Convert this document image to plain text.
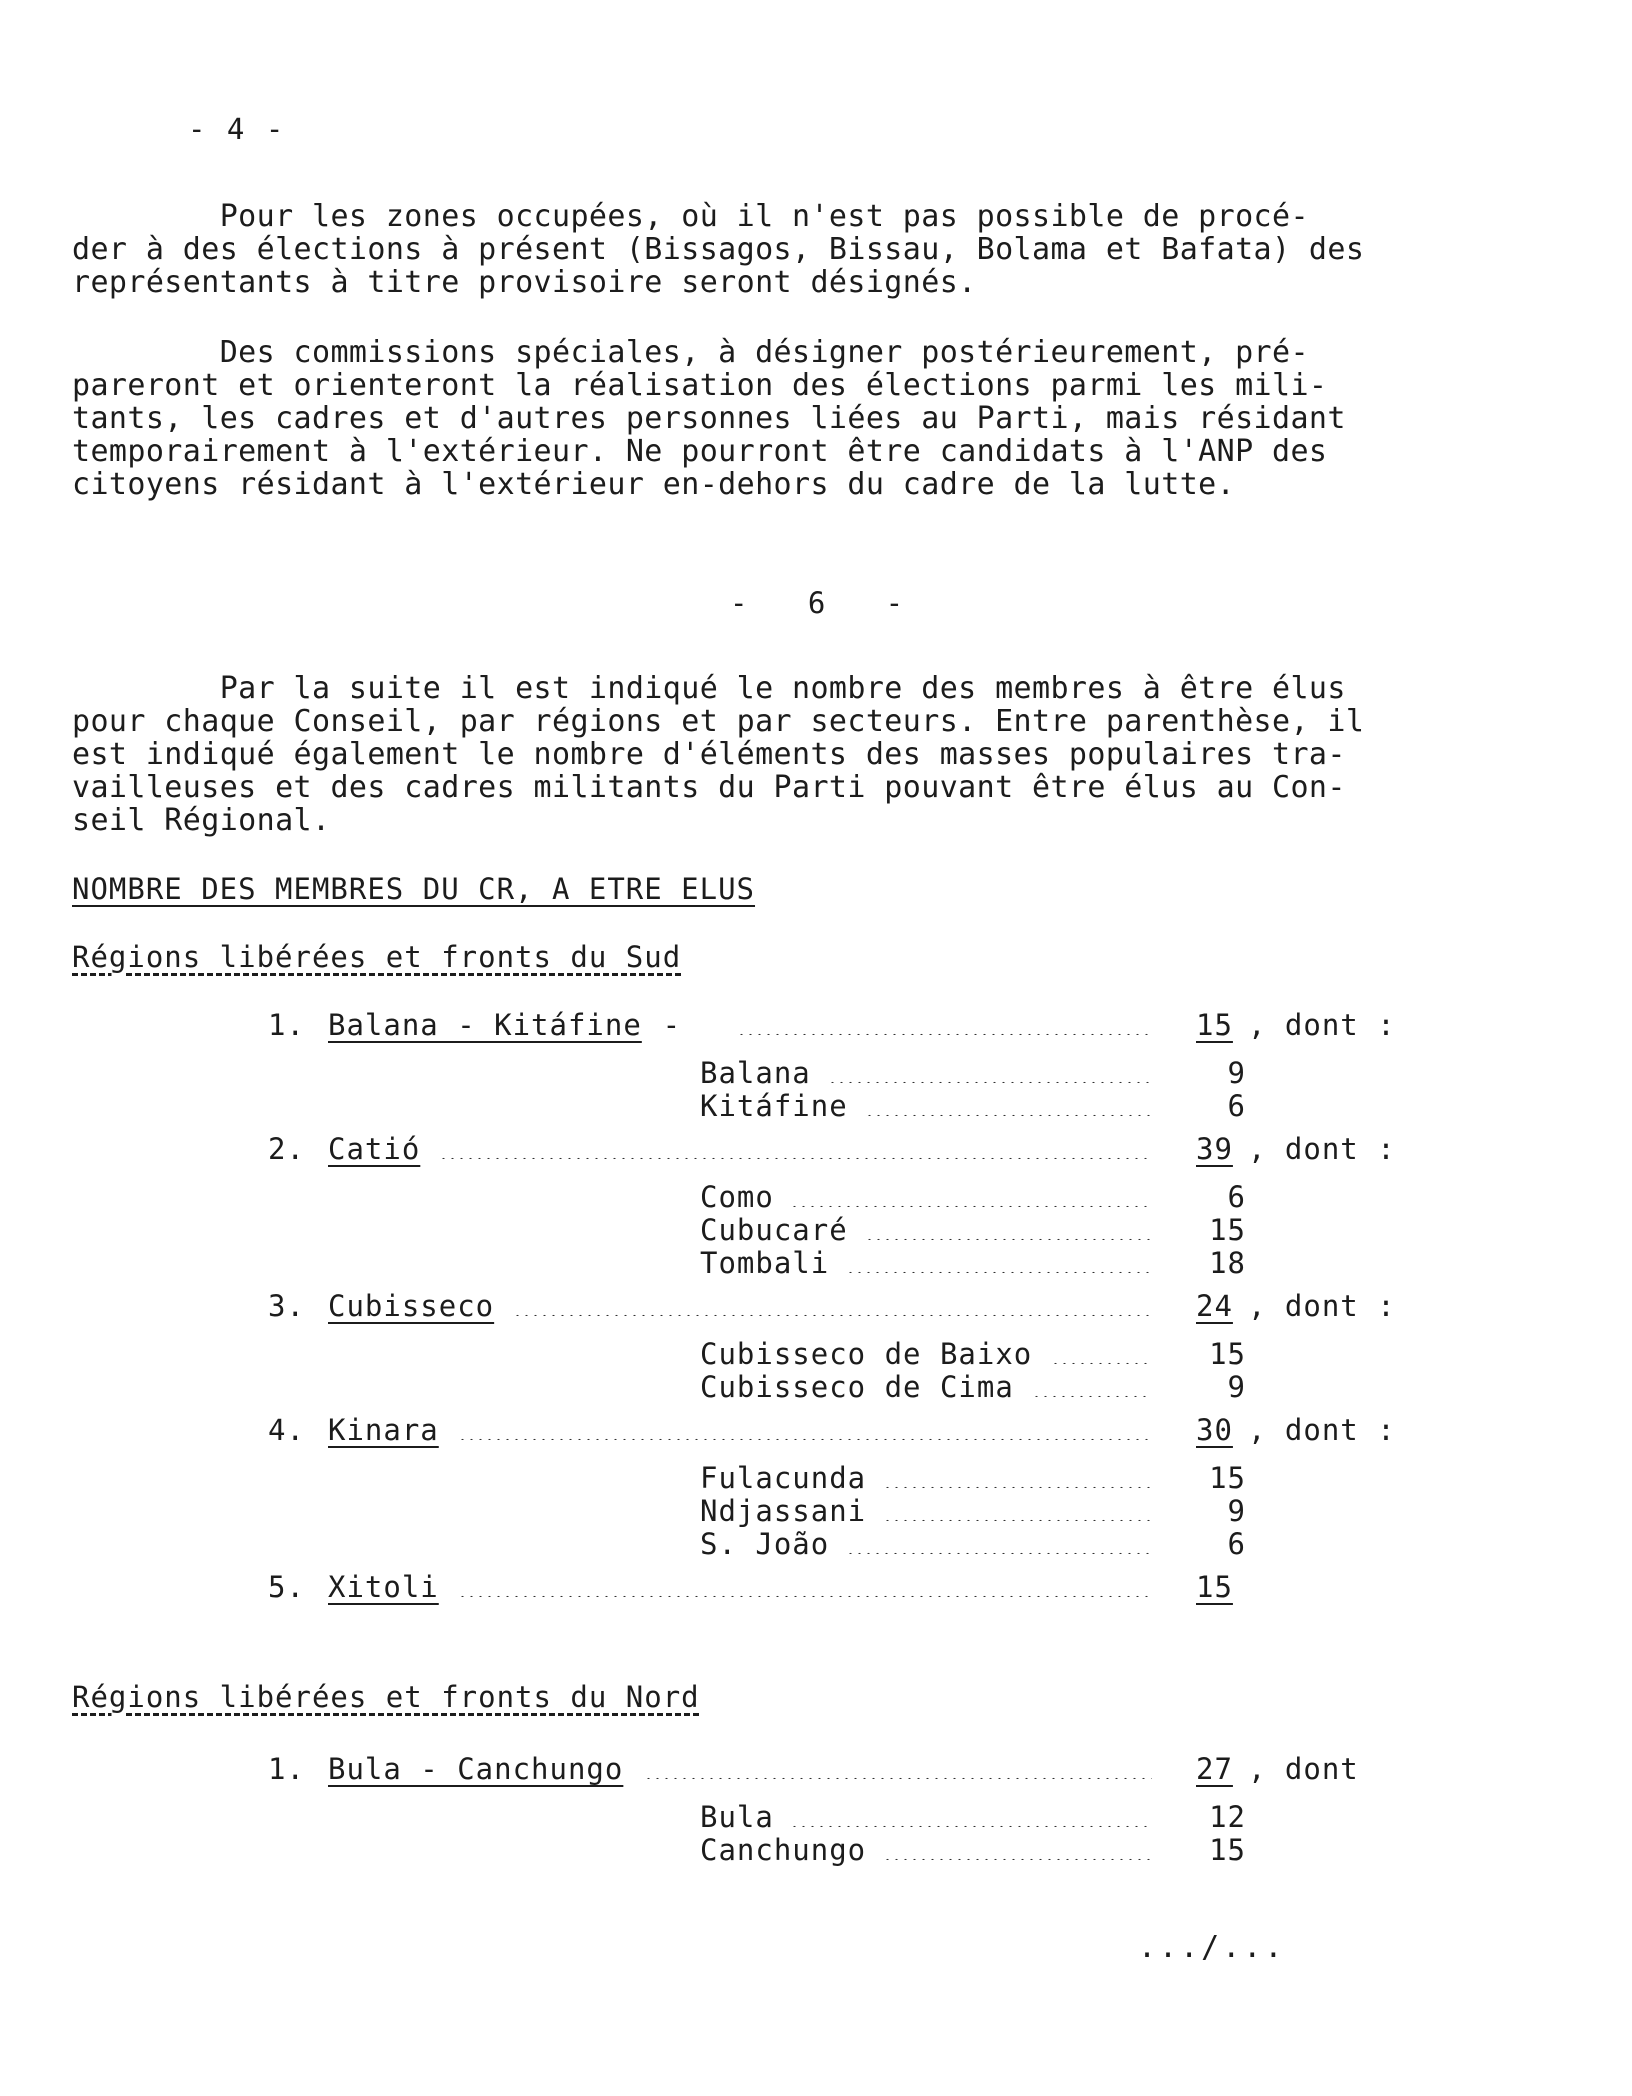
- 4 -
Pour les zones occupées, où il n'est pas possible de procé-
der à des élections à présent (Bissagos, Bissau, Bolama et Bafata) des
représentants à titre provisoire seront désignés.
Des commissions spéciales, à désigner postérieurement, pré-
pareront et orienteront la réalisation des élections parmi les mili-
tants, les cadres et d'autres personnes liées au Parti, mais résidant
temporairement à l'extérieur. Ne pourront être candidats à l'ANP des
citoyens résidant à l'extérieur en-dehors du cadre de la lutte.
-   6   -
Par la suite il est indiqué le nombre des membres à être élus
pour chaque Conseil, par régions et par secteurs. Entre parenthèse, il
est indiqué également le nombre d'éléments des masses populaires tra-
vailleuses et des cadres militants du Parti pouvant être élus au Con-
seil Régional.
NOMBRE DES MEMBRES DU CR, A ETRE ELUS
Régions libérées et fronts du Sud
1. Balana - Kitáfine -	15 , dont :
Balana	9
Kitáfine	6
2. Catió	39 , dont :
Como	6
Cubucaré	15
Tombali	18
3. Cubisseco	24 , dont :
Cubisseco de Baixo	15
Cubisseco de Cima	9
4. Kinara	30 , dont :
Fulacunda	15
Ndjassani	9
S. João	6
5. Xitoli	15
Régions libérées et fronts du Nord
1. Bula - Canchungo	27 , dont
Bula	12
Canchungo	15
.../...
